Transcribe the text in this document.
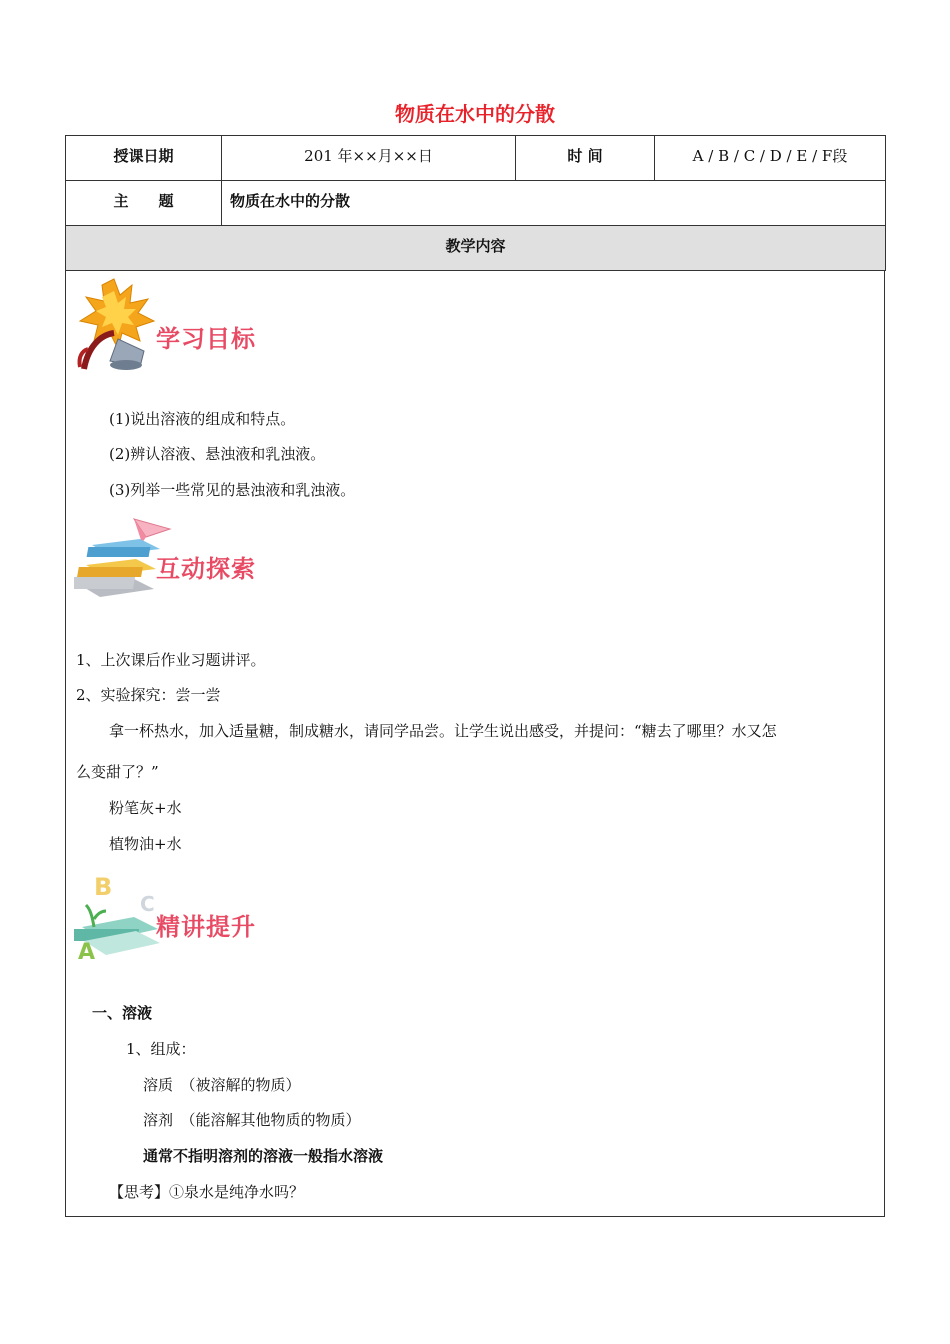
物质在水中的分散
授课日期	201 年××月××日	时 间	A / B / C / D / E / F段

主　　题	物质在水中的分散		

教学内容			
学习目标
(1)说出溶液的组成和特点。
(2)辨认溶液、悬浊液和乳浊液。
(3)列举一些常见的悬浊液和乳浊液。
互动探索
1、上次课后作业习题讲评。
2、实验探究：尝一尝
拿一杯热水，加入适量糖，制成糖水，请同学品尝。让学生说出感受，并提问：“糖去了哪里？水又怎
么变甜了？”
粉笔灰+水
植物油+水
B
C
A
精讲提升
一、溶液
1、组成：
溶质　（被溶解的物质）
溶剂　（能溶解其他物质的物质）
通常不指明溶剂的溶液一般指水溶液
【思考】①泉水是纯净水吗？
